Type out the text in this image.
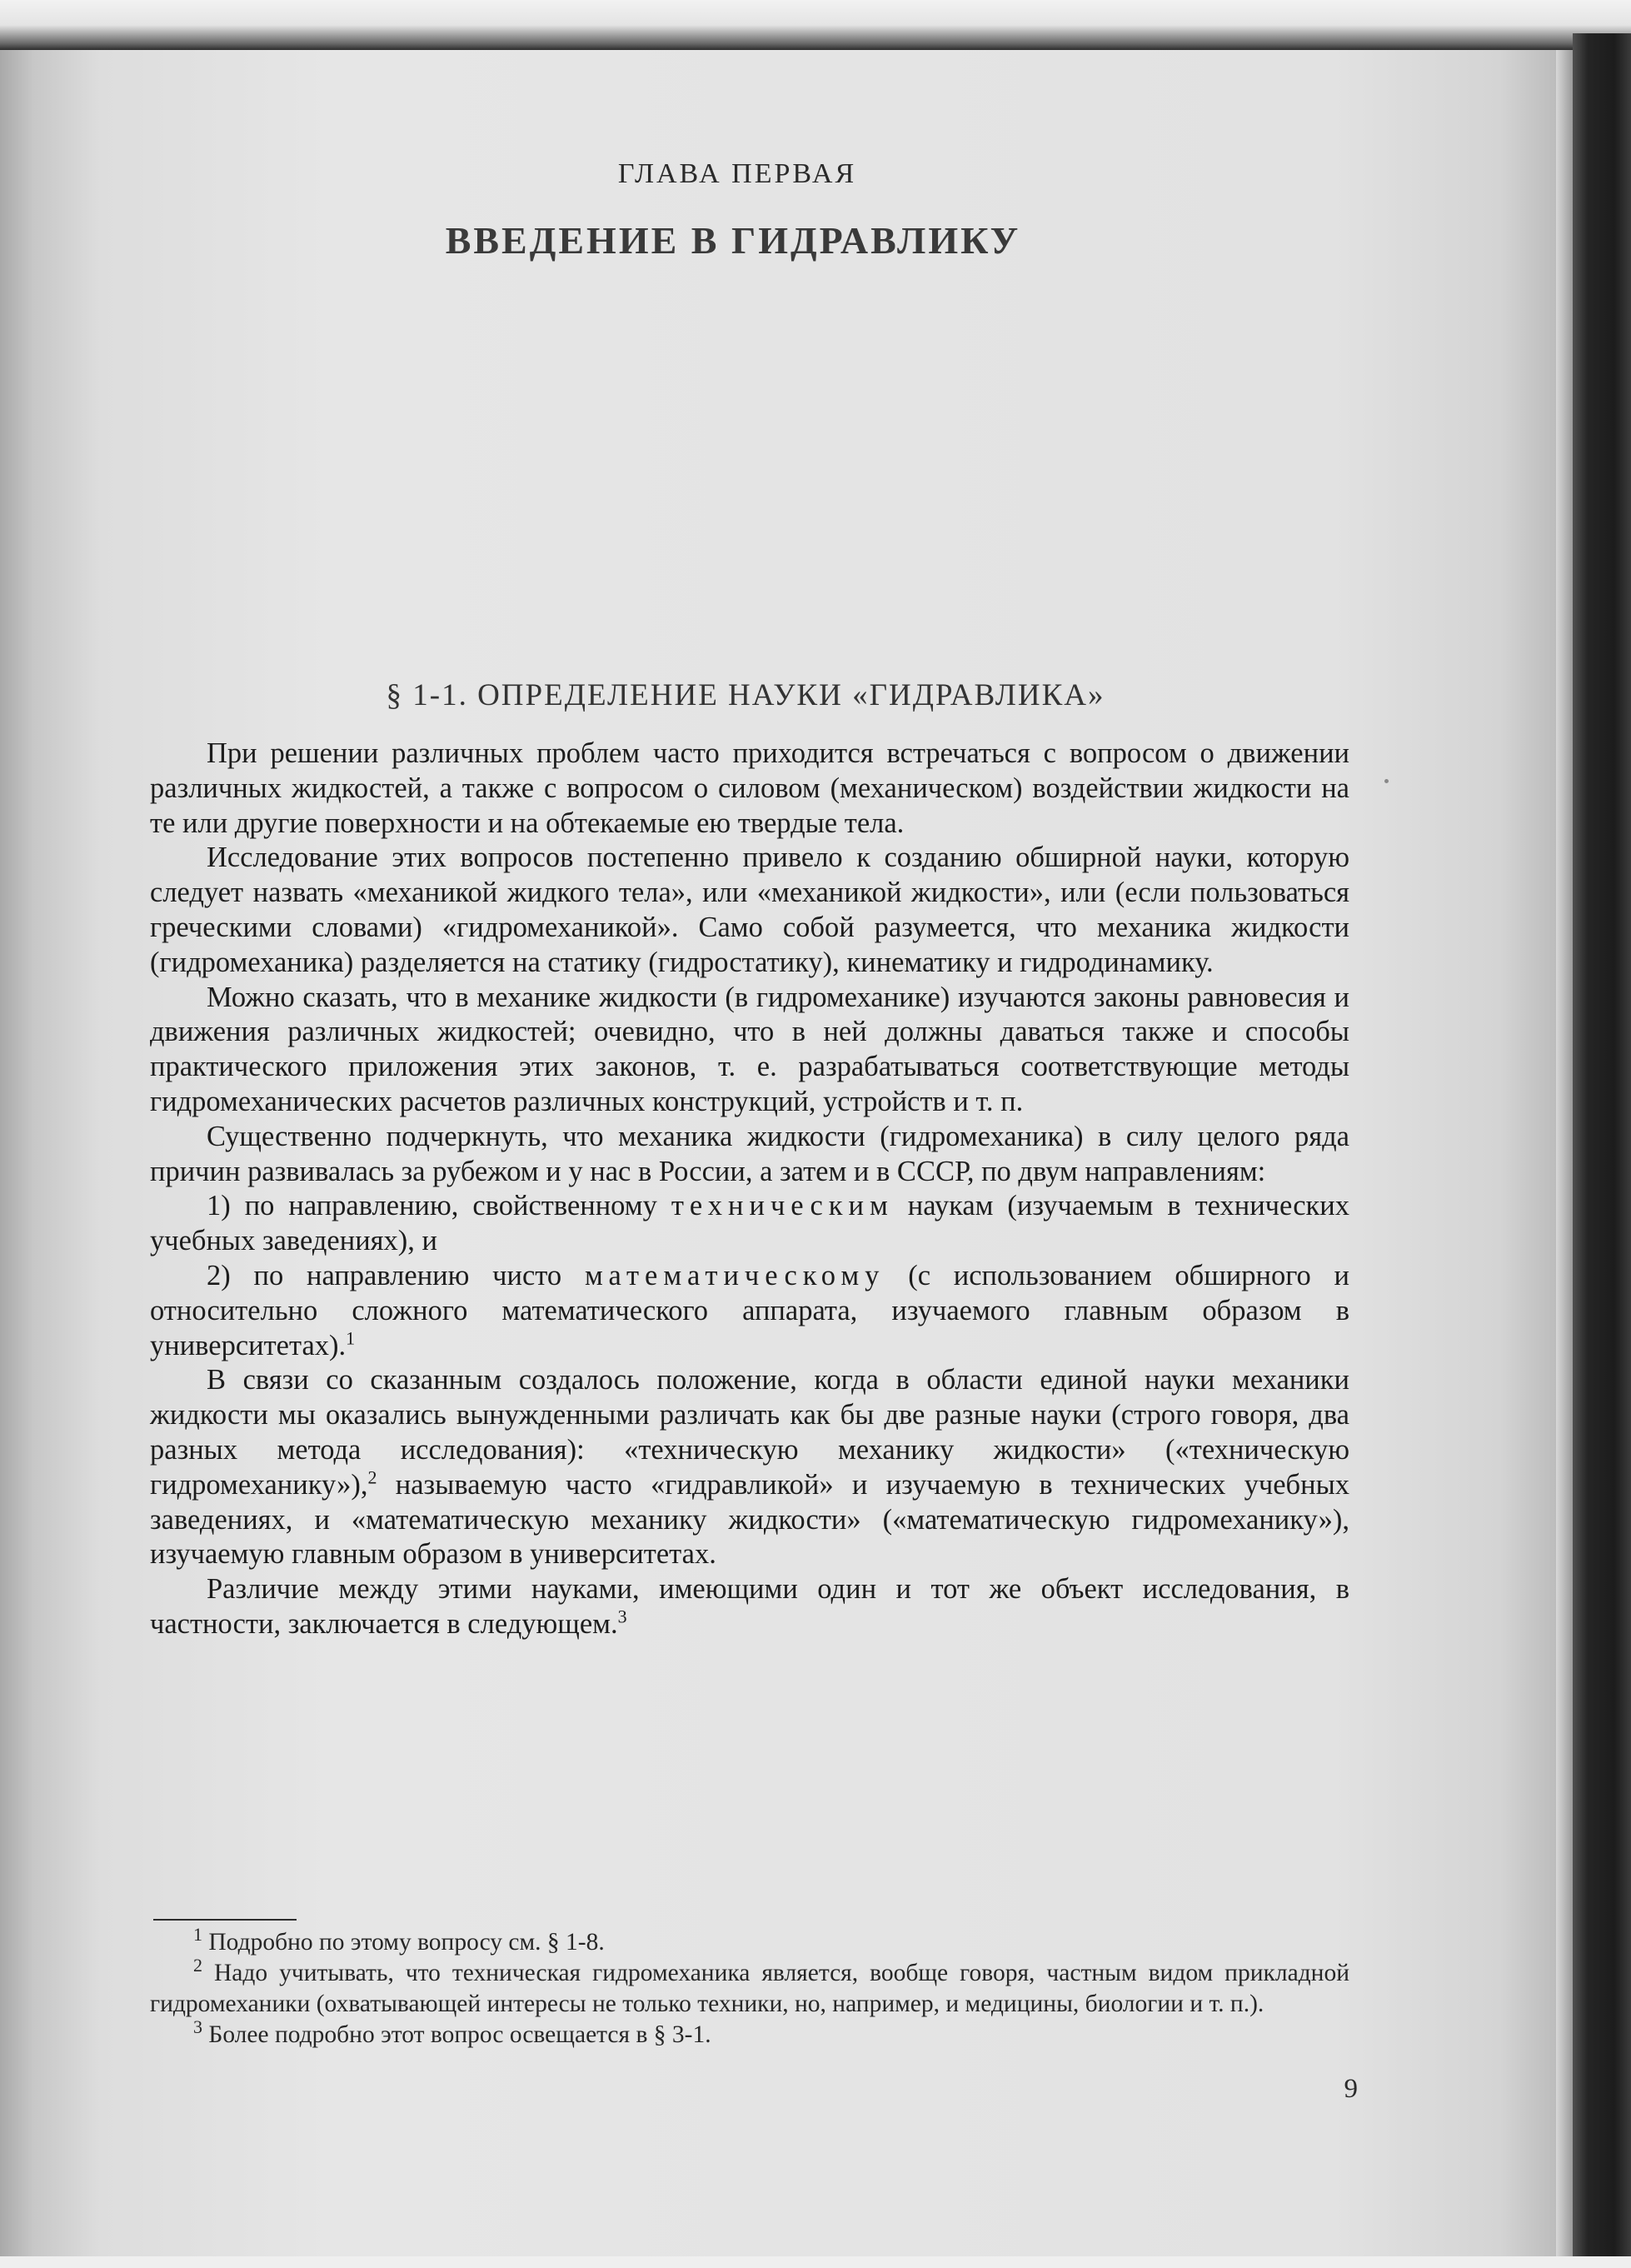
ГЛАВА ПЕРВАЯ
ВВЕДЕНИЕ В ГИДРАВЛИКУ
§ 1-1. ОПРЕДЕЛЕНИЕ НАУКИ «ГИДРАВЛИКА»

При решении различных проблем часто приходится встречаться с вопросом о движении различных жидкостей, а также с вопросом о силовом (механическом) воздействии жидкости на те или другие поверхности и на обтекаемые ею твердые тела.

Исследование этих вопросов постепенно привело к созданию обширной науки, которую следует назвать «механикой жидкого тела», или «механикой жидкости», или (если пользоваться греческими словами) «гидромеханикой». Само собой разумеется, что механика жидкости (гидромеханика) разделяется на статику (гидростатику), кинематику и гидродинамику.

Можно сказать, что в механике жидкости (в гидромеханике) изучаются законы равновесия и движения различных жидкостей; очевидно, что в ней должны даваться также и способы практического приложения этих законов, т. е. разрабатываться соответствующие методы гидромеханических расчетов различных конструкций, устройств и т. п.

Существенно подчеркнуть, что механика жидкости (гидромеханика) в силу целого ряда причин развивалась за рубежом и у нас в России, а затем и в СССР, по двум направлениям:

1) по направлению, свойственному техническим наукам (изучаемым в технических учебных заведениях), и

2) по направлению чисто математическому (с использованием обширного и относительно сложного математического аппарата, изучаемого главным образом в университетах).$^1$

В связи со сказанным создалось положение, когда в области единой науки механики жидкости мы оказались вынужденными различать как бы две разные науки (строго говоря, два разных метода исследования): «техническую механику жидкости» («техническую гидромеханику»),$^2$ называемую часто «гидравликой» и изучаемую в технических учебных заведениях, и «математическую механику жидкости» («математическую гидромеханику»), изучаемую главным образом в университетах.

Различие между этими науками, имеющими один и тот же объект исследования, в частности, заключается в следующем.$^3$

$^1$ Подробно по этому вопросу см. § 1-8.

$^2$ Надо учитывать, что техническая гидромеханика является, вообще говоря, частным видом прикладной гидромеханики (охватывающей интересы не только техники, но, например, и медицины, биологии и т. п.).

$^3$ Более подробно этот вопрос освещается в § 3-1.

9
